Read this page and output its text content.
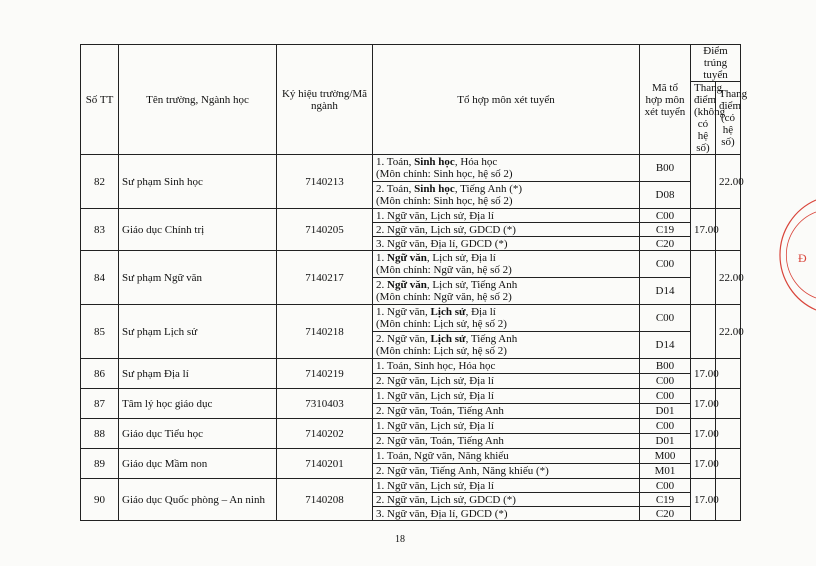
Số TT	Tên trường, Ngành học	Ký hiệu trường/Mã ngành	Tổ hợp môn xét tuyển	Mã tổ hợp môn xét tuyển	Điểm trúng tuyển	
					Thang điểm (không có hệ số)	Thang điểm (có hệ số)
82	Sư phạm Sinh học	7140213	1. Toán, Sinh học, Hóa học
(Môn chính: Sinh học, hệ số 2)	B00		22.00
			2. Toán, Sinh học, Tiếng Anh (*)
(Môn chính: Sinh học, hệ số 2)	D08		
83	Giáo dục Chính trị	7140205	1. Ngữ văn, Lịch sử, Địa lí	C00	17.00	
			2. Ngữ văn, Lịch sử, GDCD (*)	C19		
			3. Ngữ văn, Địa lí, GDCD (*)	C20		
84	Sư phạm Ngữ văn	7140217	1. Ngữ văn, Lịch sử, Địa lí
(Môn chính: Ngữ văn, hệ số 2)	C00		22.00
			2. Ngữ văn, Lịch sử, Tiếng Anh
(Môn chính: Ngữ văn, hệ số 2)	D14		
85	Sư phạm Lịch sử	7140218	1. Ngữ văn, Lịch sử, Địa lí
(Môn chính: Lịch sử, hệ số 2)	C00		22.00
			2. Ngữ văn, Lịch sử, Tiếng Anh
(Môn chính: Lịch sử, hệ số 2)	D14		
86	Sư phạm Địa lí	7140219	1. Toán, Sinh học, Hóa học	B00	17.00	
			2. Ngữ văn, Lịch sử, Địa lí	C00		
87	Tâm lý học giáo dục	7310403	1. Ngữ văn, Lịch sử, Địa lí	C00	17.00	
			2. Ngữ văn, Toán, Tiếng Anh	D01		
88	Giáo dục Tiểu học	7140202	1. Ngữ văn, Lịch sử, Địa lí	C00	17.00	
			2. Ngữ văn, Toán, Tiếng Anh	D01		
89	Giáo dục Mầm non	7140201	1. Toán, Ngữ văn, Năng khiếu	M00	17.00	
			2. Ngữ văn, Tiếng Anh, Năng khiếu (*)	M01		
90	Giáo dục Quốc phòng – An ninh	7140208	1. Ngữ văn, Lịch sử, Địa lí	C00	17.00	
			2. Ngữ văn, Lịch sử, GDCD (*)	C19		
			3. Ngữ văn, Địa lí, GDCD (*)	C20		
18
Đ
